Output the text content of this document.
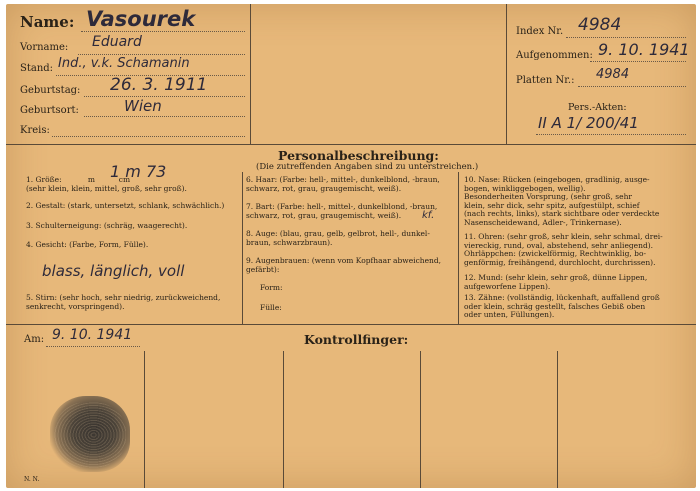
Name: Vasourek
Vorname: Eduard
Stand: Ind., v.k. Schamanin
Geburtstag: 26. 3. 1911
Geburtsort:	Wien
Kreis:
Index Nr. 4984
Aufgenommen: 9. 10. 1941
Platten Nr.: 4984
Pers.-Akten:
II A 1/ 200/41
Personalbeschreibung:
(Die zutreffenden Angaben sind zu unterstreichen.)
1. Größe:           m          cm
(sehr klein, klein, mittel, groß, sehr groß).
1 m 73
2. Gestalt: (stark, untersetzt, schlank, schwächlich.)
3. Schulterneigung: (schräg, waagerecht).
4. Gesicht: (Farbe, Form, Fülle).
blass, länglich, voll
5. Stirn: (sehr hoch, sehr niedrig, zurückweichend,
senkrecht, vorspringend).
6. Haar: (Farbe: hell-, mittel-, dunkelblond, -braun,
schwarz, rot, grau, graugemischt, weiß).
7. Bart: (Farbe: hell-, mittel-, dunkelblond, -braun,
schwarz, rot, grau, graugemischt, weiß).	kf.
8. Auge: (blau, grau, gelb, gelbrot, hell-, dunkel-
braun, schwarzbraun).
9. Augenbrauen: (wenn vom Kopfhaar abweichend,
gefärbt):
Form:
Fülle:
10. Nase: Rücken (eingebogen, gradlinig, ausge-
bogen, winkliggebogen, wellig).
Besonderheiten Vorsprung, (sehr groß, sehr
klein, sehr dick, sehr spitz, aufgestülpt, schief
(nach rechts, links), stark sichtbare oder verdeckte
Nasenscheidewand, Adler-, Trinkernase).
11. Ohren: (sehr groß, sehr klein, sehr schmal, drei-
viereckig, rund, oval, abstehend, sehr anliegend).
Ohrläppchen: (zwickelförmig, Rechtwinklig, bo-
genförmig, freihängend, durchlocht, durchrissen).
12. Mund: (sehr klein, sehr groß, dünne Lippen,
aufgeworfene Lippen).
13. Zähne: (vollständig, lückenhaft, auffallend groß
oder klein, schräg gestellt, falsches Gebiß oben
oder unten, Füllungen).
Am: 9. 10. 1941	Kontrollfinger:
N. N.
